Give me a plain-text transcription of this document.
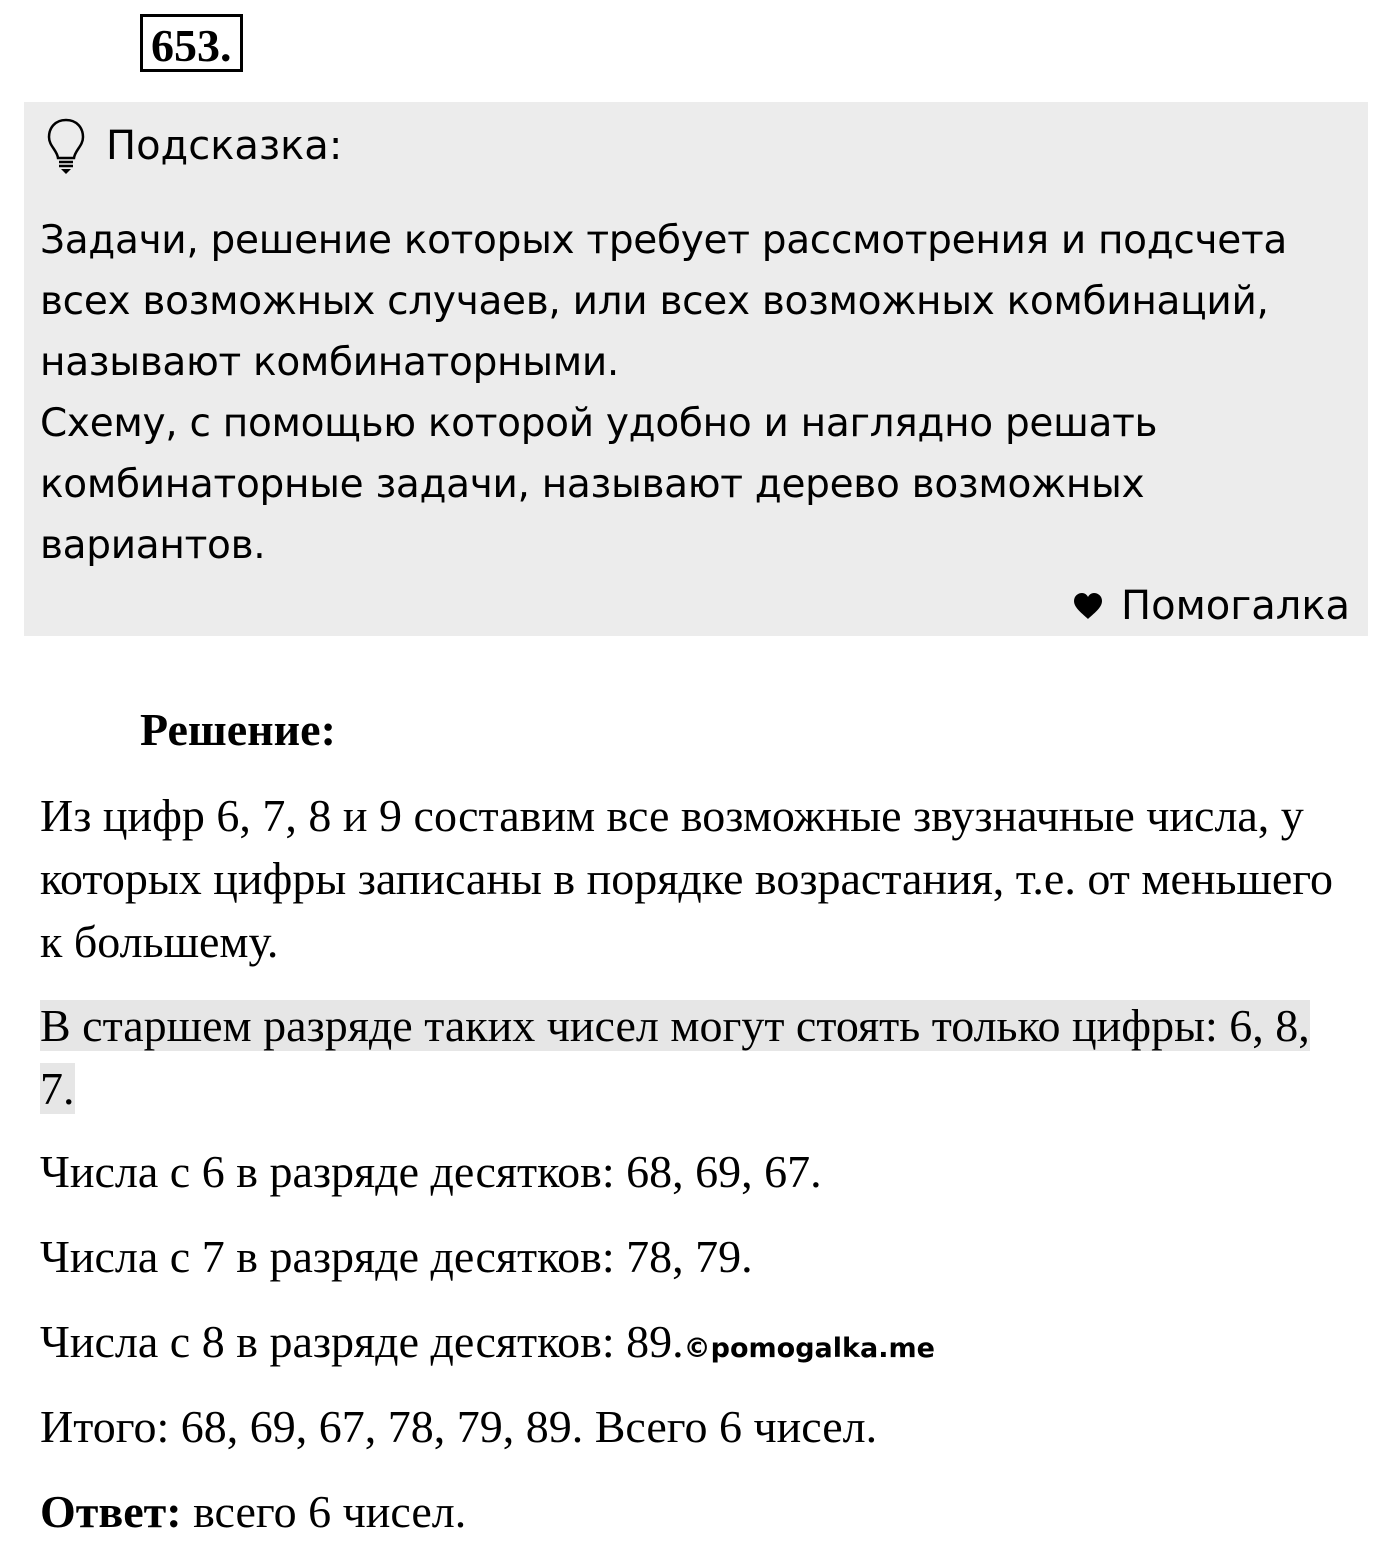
653.
Подсказка:

Задачи, решение которых требует рассмотрения и подсчета всех возможных случаев, или всех возможных комбинаций, называют комбинаторными.

Схему, с помощью которой удобно и наглядно решать комбинаторные задачи, называют дерево возможных вариантов.

Помогалка
Решение:

Из цифр 6, 7, 8 и 9 составим все возможные звузначные числа, у которых цифры записаны в порядке возрастания, т.е. от меньшего к большему.

В старшем разряде таких чисел могут стоять только цифры: 6, 8, 7.
Числа с 6 в разряде десятков: 68, 69, 67.
Числа с 7 в разряде десятков: 78, 79.
Числа с 8 в разряде десятков: 89.©pomogalka.me
Итого: 68, 69, 67, 78, 79, 89. Всего 6 чисел.
Ответ: всего 6 чисел.
